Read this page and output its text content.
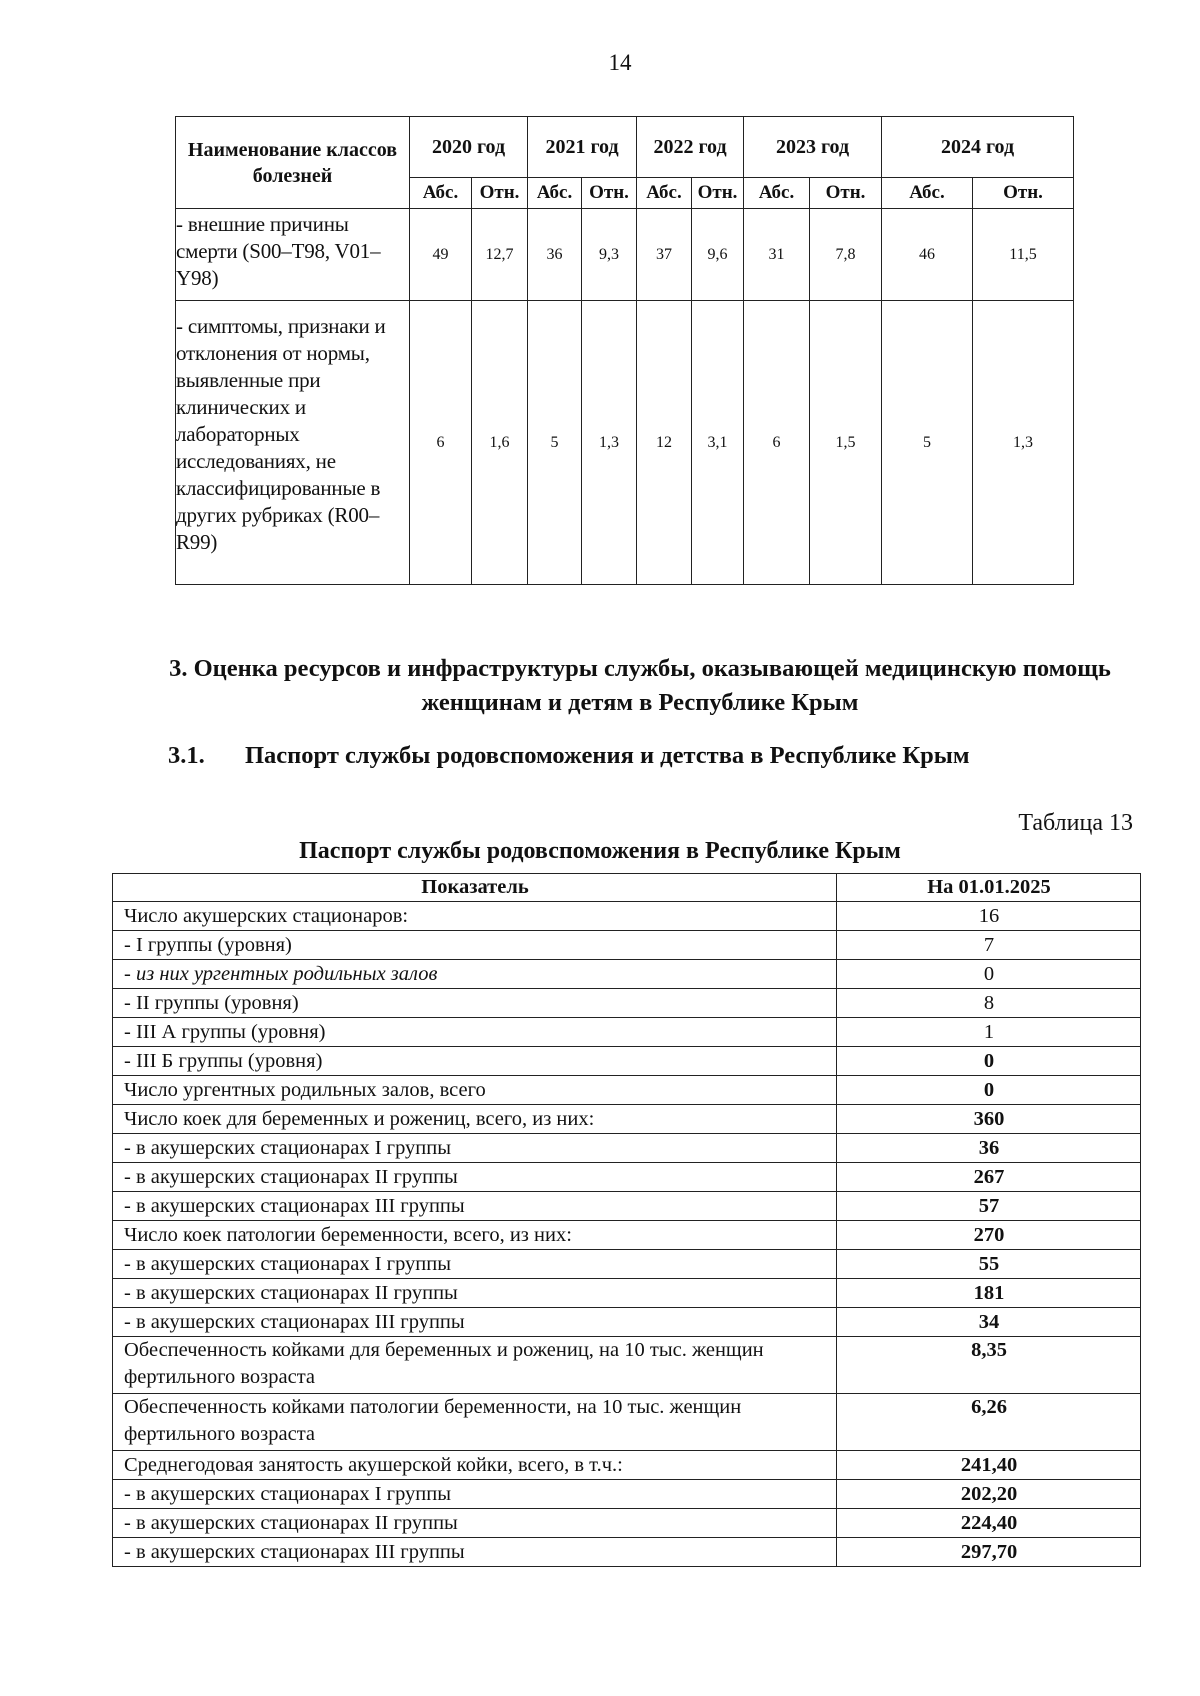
14
Наименование классов болезней	2020 год		2021 год		2022 год		2023 год		2024 год	
	Абс.	Отн.	Абс.	Отн.	Абс.	Отн.	Абс.	Отн.	Абс.	Отн.
- внешние причины смерти (S00–T98, V01–Y98)	49	12,7	36	9,3	37	9,6	31	7,8	46	11,5
- симптомы, признаки и отклонения от нормы, выявленные при клинических и лабораторных исследованиях, не классифицированные в других рубриках (R00–R99)	6	1,6	5	1,3	12	3,1	6	1,5	5	1,3
3. Оценка ресурсов и инфраструктуры службы, оказывающей медицинскую помощь женщинам и детям в Республике Крым
3.1. Паспорт службы родовспоможения и детства в Республике Крым
Таблица 13
Паспорт службы родовспоможения в Республике Крым
Показатель	На 01.01.2025
Число акушерских стационаров:	16
- I группы (уровня)	7
- из них ургентных родильных залов	0
- II группы (уровня)	8
- III А группы (уровня)	1
- III Б группы (уровня)	0
Число ургентных родильных залов, всего	0
Число коек для беременных и рожениц, всего, из них:	360
- в акушерских стационарах I группы	36
- в акушерских стационарах II группы	267
- в акушерских стационарах III группы	57
Число коек патологии беременности, всего, из них:	270
- в акушерских стационарах I группы	55
- в акушерских стационарах II группы	181
- в акушерских стационарах III группы	34
Обеспеченность койками для беременных и рожениц, на 10 тыс. женщин фертильного возраста	8,35
Обеспеченность койками патологии беременности, на 10 тыс. женщин фертильного возраста	6,26
Среднегодовая занятость акушерской койки, всего, в т.ч.:	241,40
- в акушерских стационарах I группы	202,20
- в акушерских стационарах II группы	224,40
- в акушерских стационарах III группы	297,70
